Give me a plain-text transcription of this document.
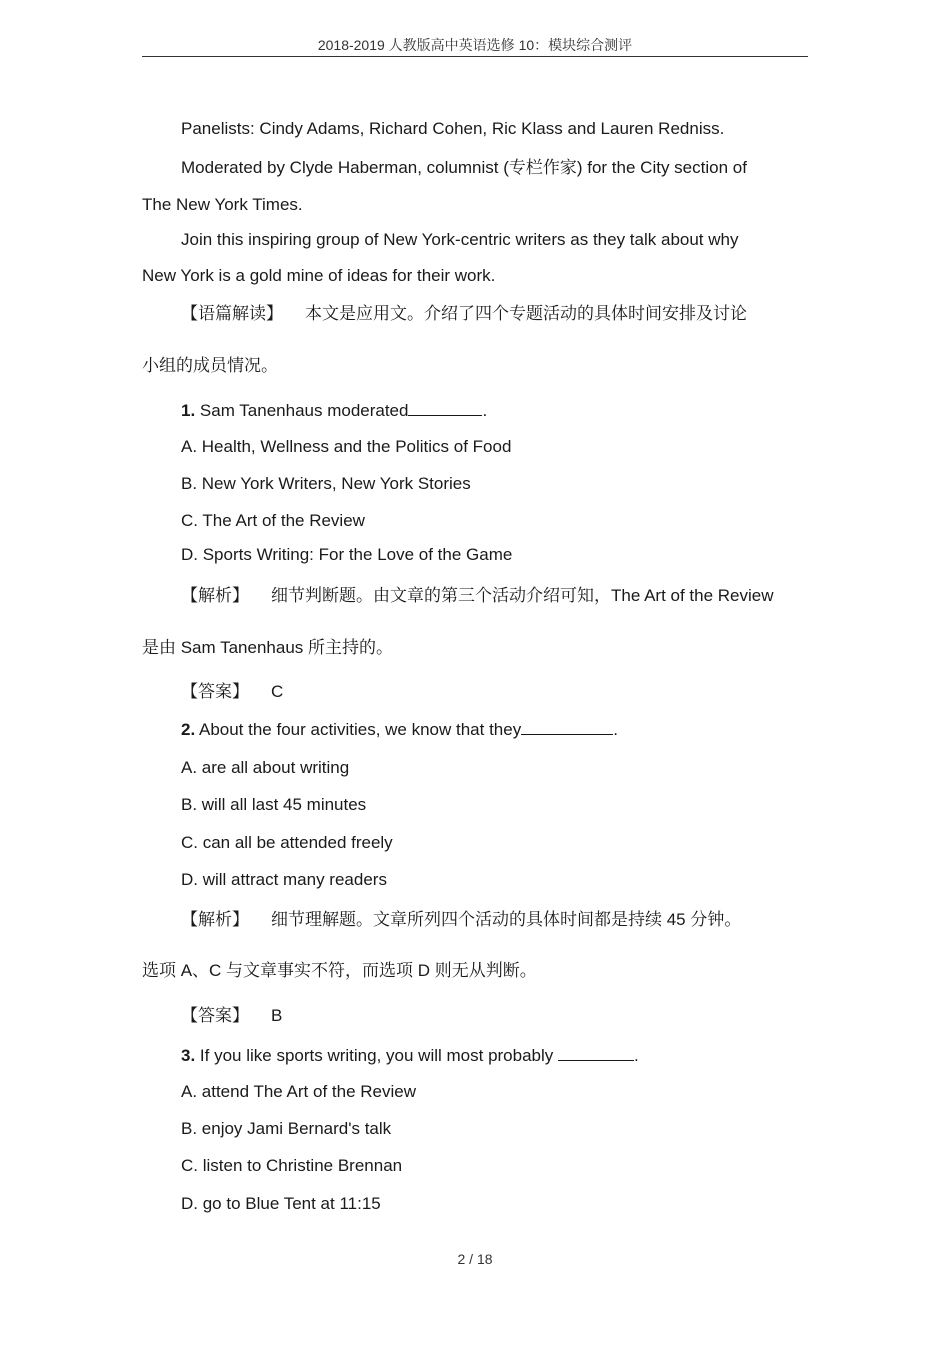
2018-2019 人教版高中英语选修 10：模块综合测评
Panelists: Cindy Adams, Richard Cohen, Ric Klass and Lauren Redniss.
Moderated by Clyde Haberman, columnist (专栏作家) for the City section of
The New York Times.
Join this inspiring group of New York-centric writers as they talk about why
New York is a gold mine of ideas for their work.
【语篇解读】 本文是应用文。介绍了四个专题活动的具体时间安排及讨论
小组的成员情况。
1. Sam Tanenhaus moderated	.
A. Health, Wellness and the Politics of Food
B. New York Writers, New York Stories
C. The Art of the Review
D. Sports Writing: For the Love of the Game
【解析】 细节判断题。由文章的第三个活动介绍可知，The Art of the Review
是由 Sam Tanenhaus 所主持的。
【答案】 C
2. About the four activities, we know that they	.
A. are all about writing
B. will all last 45 minutes
C. can all be attended freely
D. will attract many readers
【解析】 细节理解题。文章所列四个活动的具体时间都是持续 45 分钟。
选项 A、C 与文章事实不符，而选项 D 则无从判断。
【答案】 B
3. If you like sports writing, you will most probably	.
A. attend The Art of the Review
B. enjoy Jami Bernard's talk
C. listen to Christine Brennan
D. go to Blue Tent at 11:15
2 / 18
